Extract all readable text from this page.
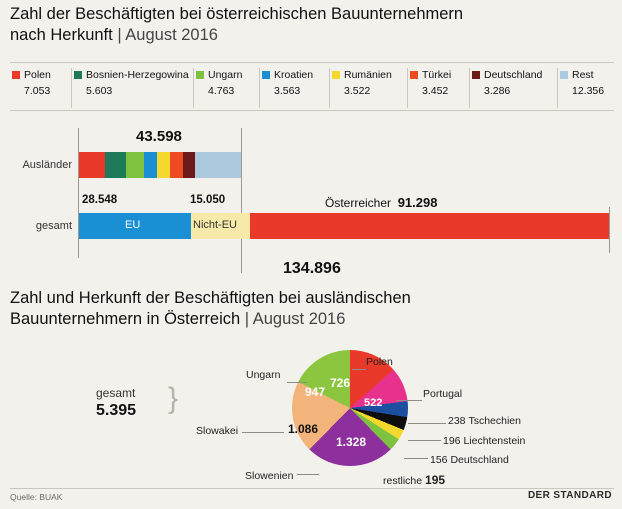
Zahl der Beschäftigten bei österreichischen Bauunternehmern
nach Herkunft | August 2016
Polen
7.053
Bosnien-Herzegowina
5.603
Ungarn
4.763
Kroatien
3.563
Rumänien
3.522
Türkei
3.452
Deutschland
3.286
Rest
12.356
43.598
Ausländer
28.548	15.050
gesamt	EU	Nicht-EU
Österreicher 91.298
134.896
Zahl und Herkunft der Beschäftigten bei ausländischen
Bauunternehmern in Österreich | August 2016
gesamt
5.395 }	726
522
1.328
1.086
947
Polen
Portugal
238 Tschechien
196 Liechtenstein
156 Deutschland
restliche 195
Slowenien
Slowakei
Ungarn
Quelle: BUAK	DER STANDARD
